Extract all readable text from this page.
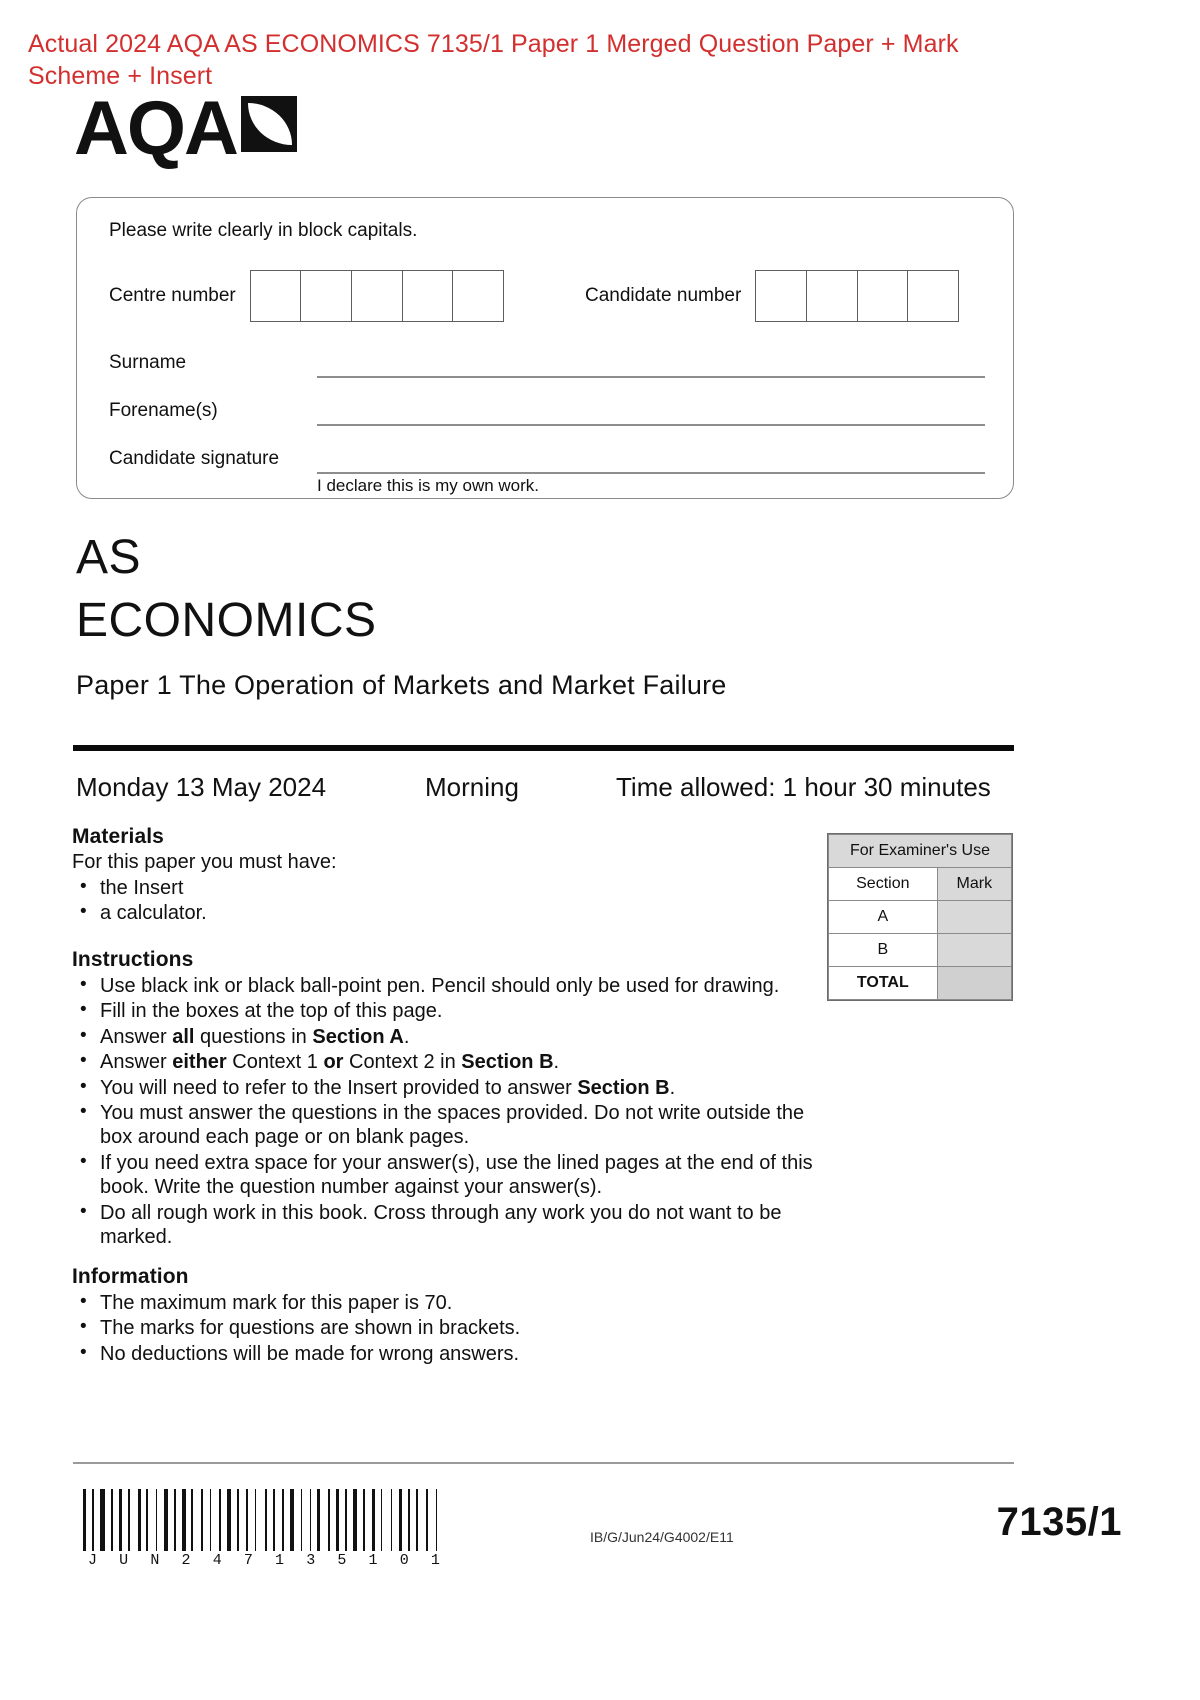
Actual 2024 AQA AS ECONOMICS 7135/1 Paper 1 Merged Question Paper + Mark Scheme + Insert
AQA
Please write clearly in block capitals.
Centre number	Candidate number
Surname
Forename(s)
Candidate signature
I declare this is my own work.
AS
ECONOMICS
Paper 1 The Operation of Markets and Market Failure
Monday 13 May 2024	Morning	Time allowed: 1 hour 30 minutes
Materials

For this paper you must have:

• the Insert
• a calculator.
Instructions
• Use black ink or black ball-point pen. Pencil should only be used for drawing.
• Fill in the boxes at the top of this page.
• Answer all questions in Section A.
• Answer either Context 1 or Context 2 in Section B.
• You will need to refer to the Insert provided to answer Section B.
• You must answer the questions in the spaces provided. Do not write outside the box around each page or on blank pages.
• If you need extra space for your answer(s), use the lined pages at the end of this book. Write the question number against your answer(s).
• Do all rough work in this book. Cross through any work you do not want to be marked.
Information
• The maximum mark for this paper is 70.
• The marks for questions are shown in brackets.
• No deductions will be made for wrong answers.
For Examiner's Use	
Section	Mark
A	
B	
TOTAL	
J U N 2 4 7 1 3 5 1 0 1
IB/G/Jun24/G4002/E11	7135/1
